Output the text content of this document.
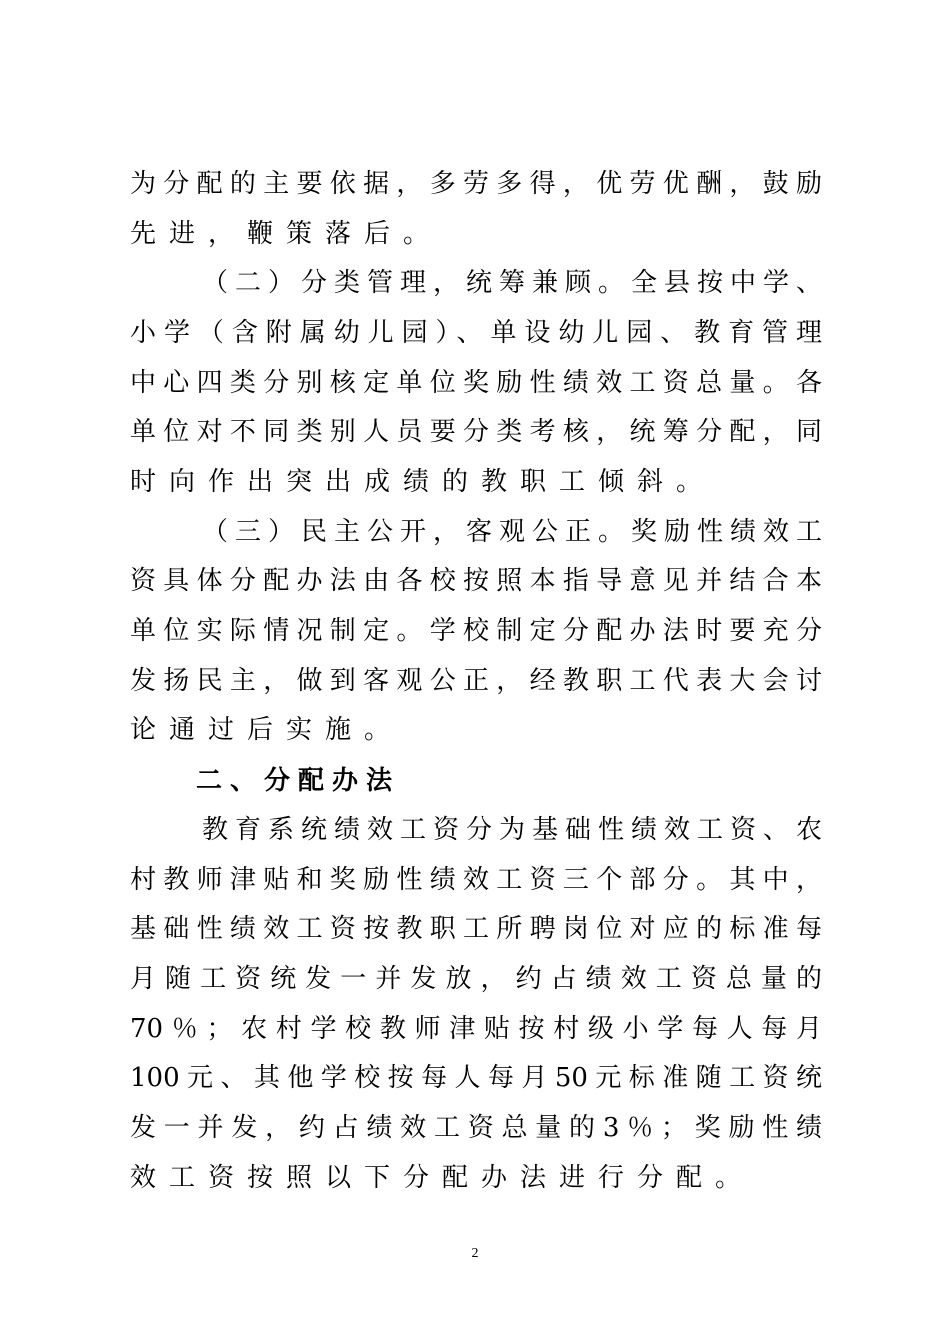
为分配的主要依据，多劳多得，优劳优酬，鼓励
先进，鞭策落后。
（二）分类管理，统筹兼顾。全县按中学、
小学（含附属幼儿园）、单设幼儿园、教育管理
中心四类分别核定单位奖励性绩效工资总量。各
单位对不同类别人员要分类考核，统筹分配，同
时向作出突出成绩的教职工倾斜。
（三）民主公开，客观公正。奖励性绩效工
资具体分配办法由各校按照本指导意见并结合本
单位实际情况制定。学校制定分配办法时要充分
发扬民主，做到客观公正，经教职工代表大会讨
论通过后实施。
二、分配办法
教育系统绩效工资分为基础性绩效工资、农
村教师津贴和奖励性绩效工资三个部分。其中，
基础性绩效工资按教职工所聘岗位对应的标准每
月随工资统发一并发放，约占绩效工资总量的
70％；农村学校教师津贴按村级小学每人每月
100元、其他学校按每人每月50元标准随工资统
发一并发，约占绩效工资总量的3％；奖励性绩
效工资按照以下分配办法进行分配。
2
